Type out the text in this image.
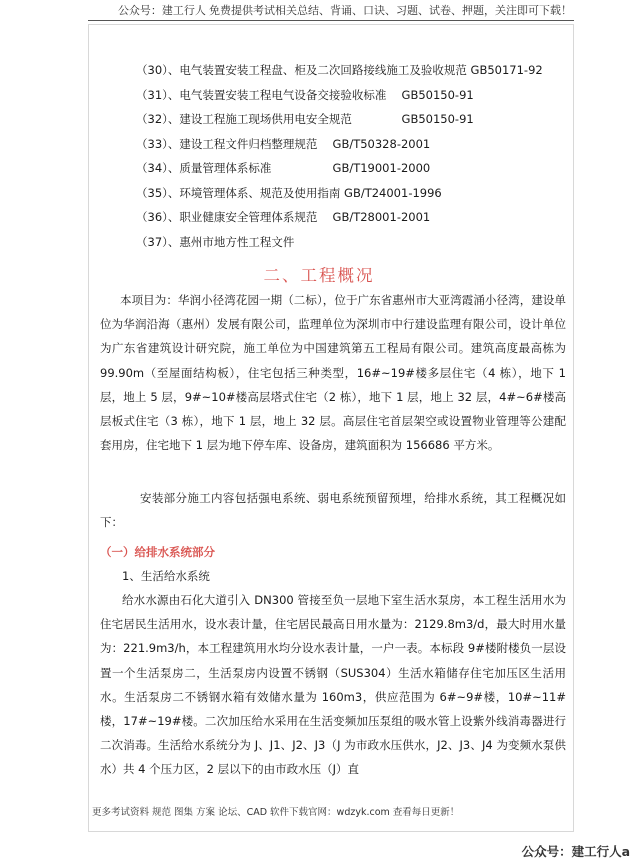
公众号：建工行人 免费提供考试相关总结、背诵、口诀、习题、试卷、押题，关注即可下载！
（30）、电气装置安装工程盘、柜及二次回路接线施工及验收规范 GB50171-92
（31）、电气装置安装工程电气设备交接验收标准　 GB50150-91
（32）、建设工程施工现场供用电安全规范　　　　 GB50150-91
（33）、建设工程文件归档整理规范　 GB/T50328-2001
（34）、质量管理体系标准　　　　　 GB/T19001-2000
（35）、环境管理体系、规范及使用指南 GB/T24001-1996
（36）、职业健康安全管理体系规范　 GB/T28001-2001
（37）、惠州市地方性工程文件
二、工程概况

本项目为：华润小径湾花园一期（二标），位于广东省惠州市大亚湾霞涌小径湾，建设单位为华润沿海（惠州）发展有限公司，监理单位为深圳市中行建设监理有限公司，设计单位为广东省建筑设计研究院，施工单位为中国建筑第五工程局有限公司。建筑高度最高栋为 99.90m（至屋面结构板），住宅包括三种类型，16#~19#楼多层住宅（4 栋），地下 1 层，地上 5 层，9#~10#楼高层塔式住宅（2 栋），地下 1 层，地上 32 层，4#~6#楼高层板式住宅（3 栋），地下 1 层，地上 32 层。高层住宅首层架空或设置物业管理等公建配套用房，住宅地下 1 层为地下停车库、设备房，建筑面积为 156686 平方米。

安装部分施工内容包括强电系统、弱电系统预留预埋，给排水系统，其工程概况如下：

（一）给排水系统部分
1、生活给水系统

给水水源由石化大道引入 DN300 管接至负一层地下室生活水泵房，本工程生活用水为住宅居民生活用水，设水表计量，住宅居民最高日用水量为：2129.8m3/d，最大时用水量为：221.9m3/h，本工程建筑用水均分设水表计量，一户一表。本标段 9#楼附楼负一层设置一个生活泵房二，生活泵房内设置不锈钢（SUS304）生活水箱储存住宅加压区生活用水。生活泵房二不锈钢水箱有效储水量为 160m3，供应范围为 6#~9#楼，10#~11#楼，17#~19#楼。二次加压给水采用在生活变频加压泵组的吸水管上设紫外线消毒器进行二次消毒。生活给水系统分为 J、J1、J2、J3（J 为市政水压供水，J2、J3、J4 为变频水泵供水）共 4 个压力区，2 层以下的由市政水压（J）直

更多考试资料 规范 图集 方案 论坛、CAD 软件下载官网：wdzyk.com 查看每日更新！
公众号：建工行人a
